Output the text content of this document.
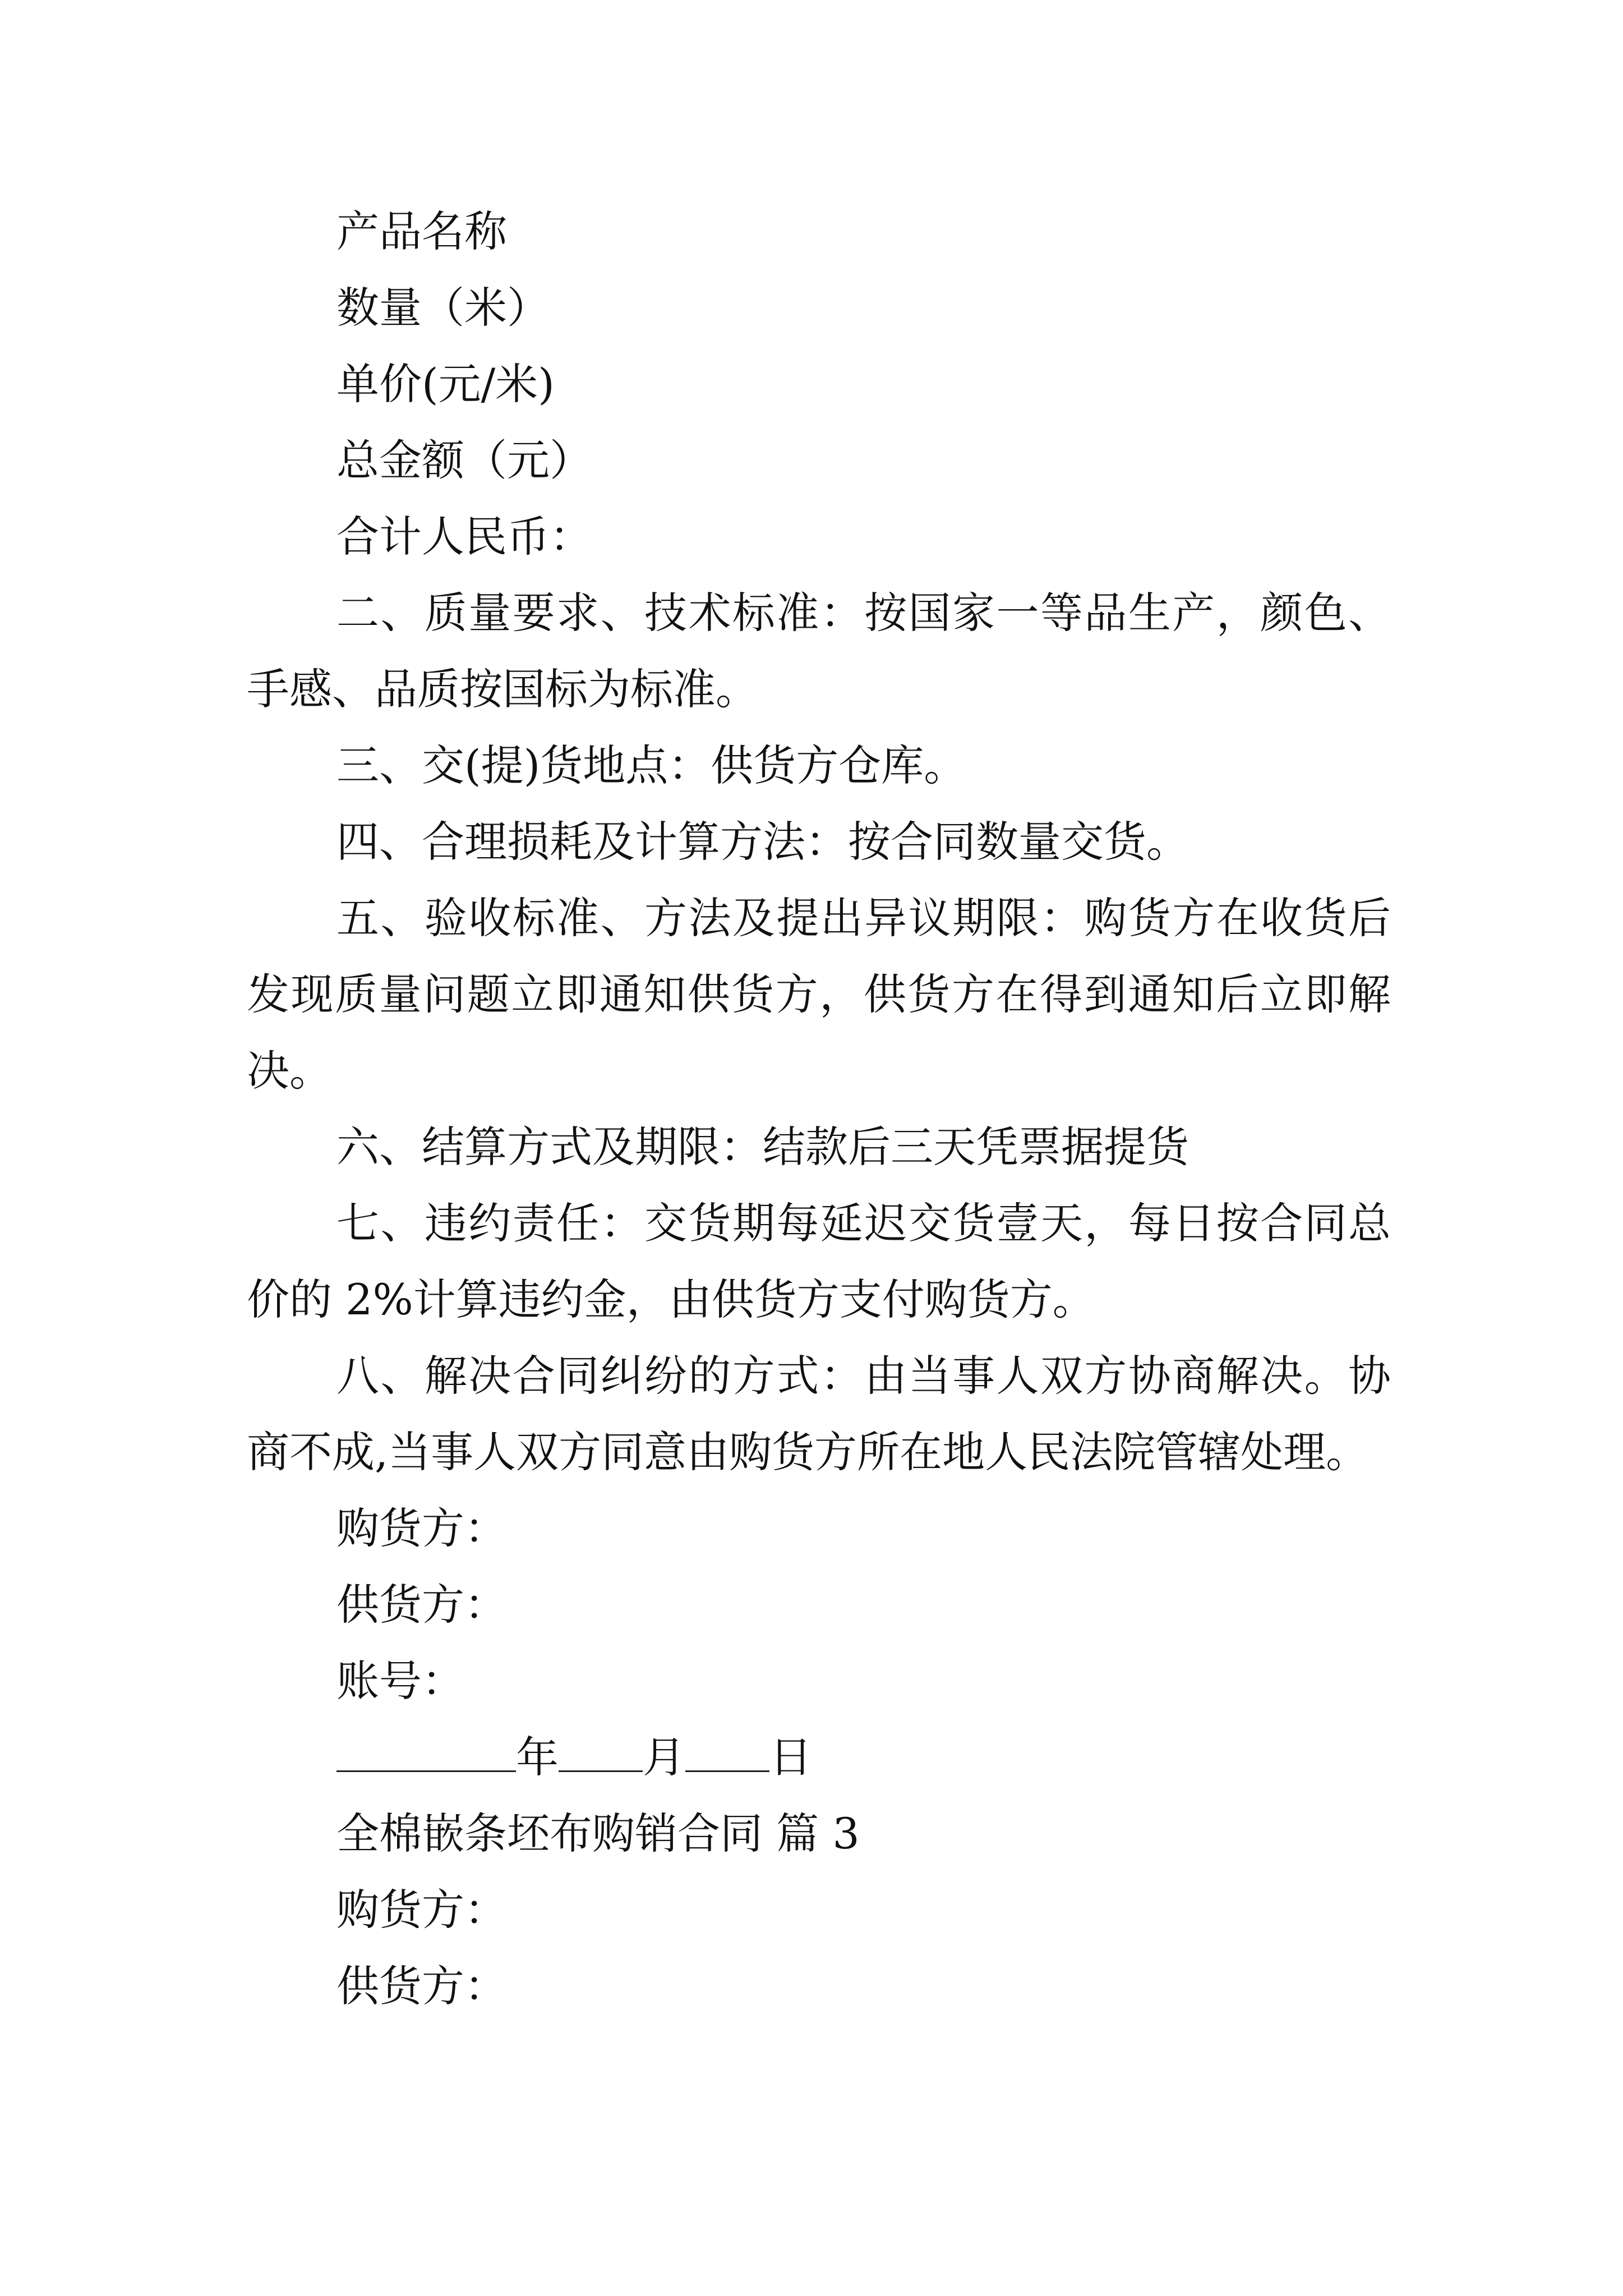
产品名称

数量（米）

单价(元/米)

总金额（元）

合计人民币：

二、质量要求、技术标准：按国家一等品生产，颜色、手感、品质按国标为标准。

三、交(提)货地点：供货方仓库。

四、合理损耗及计算方法：按合同数量交货。

五、验收标准、方法及提出异议期限：购货方在收货后发现质量问题立即通知供货方，供货方在得到通知后立即解决。

六、结算方式及期限：结款后三天凭票据提货

七、违约责任：交货期每延迟交货壹天，每日按合同总价的 2%计算违约金，由供货方支付购货方。

八、解决合同纠纷的方式：由当事人双方协商解决。协商不成,当事人双方同意由购货方所在地人民法院管辖处理。

购货方：

供货方：

账号：

年 月 日

全棉嵌条坯布购销合同 篇 3

购货方：

供货方：
